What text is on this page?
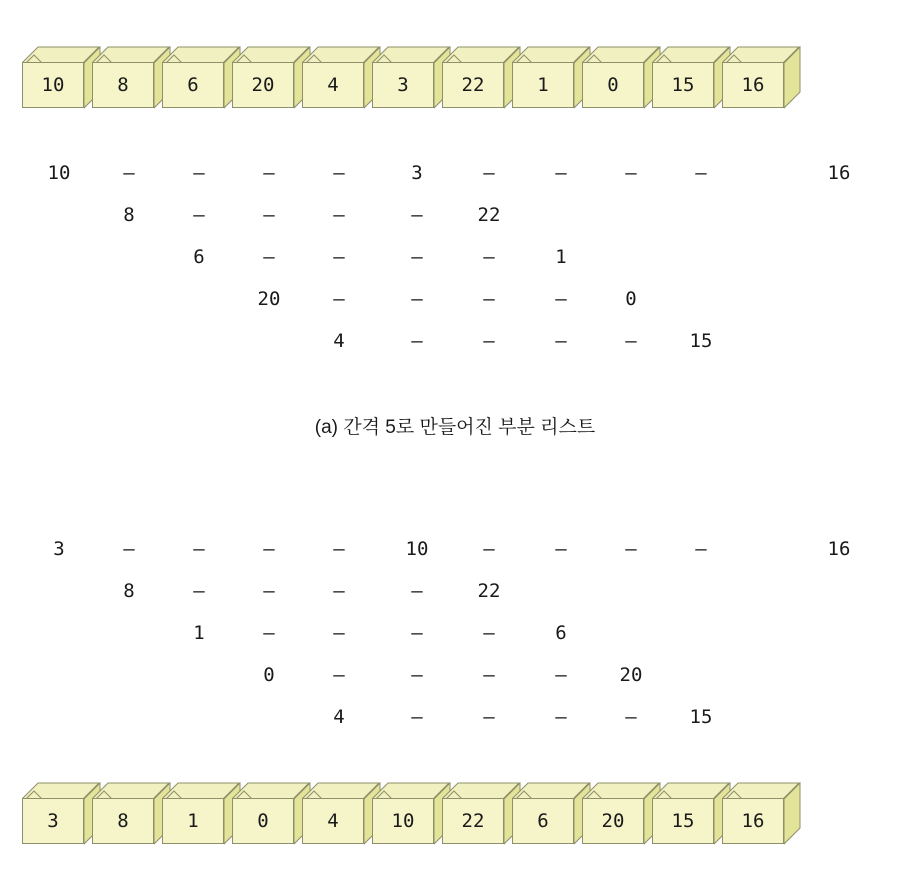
10	8	6	20	4	3	22	1	0	15	16
10	–	–	–	–	3	–	–	–	–	16
8	–	–	–	–	22
6	–	–	–	–	1
20	–	–	–	–	0
4	–	–	–	–	15
(a) 간격 5로 만들어진 부분 리스트
3	–	–	–	–	10	–	–	–	–	16
8	–	–	–	–	22
1	–	–	–	–	6
0	–	–	–	–	20
4	–	–	–	–	15
3	8	1	0	4	10	22	6	20	15	16
